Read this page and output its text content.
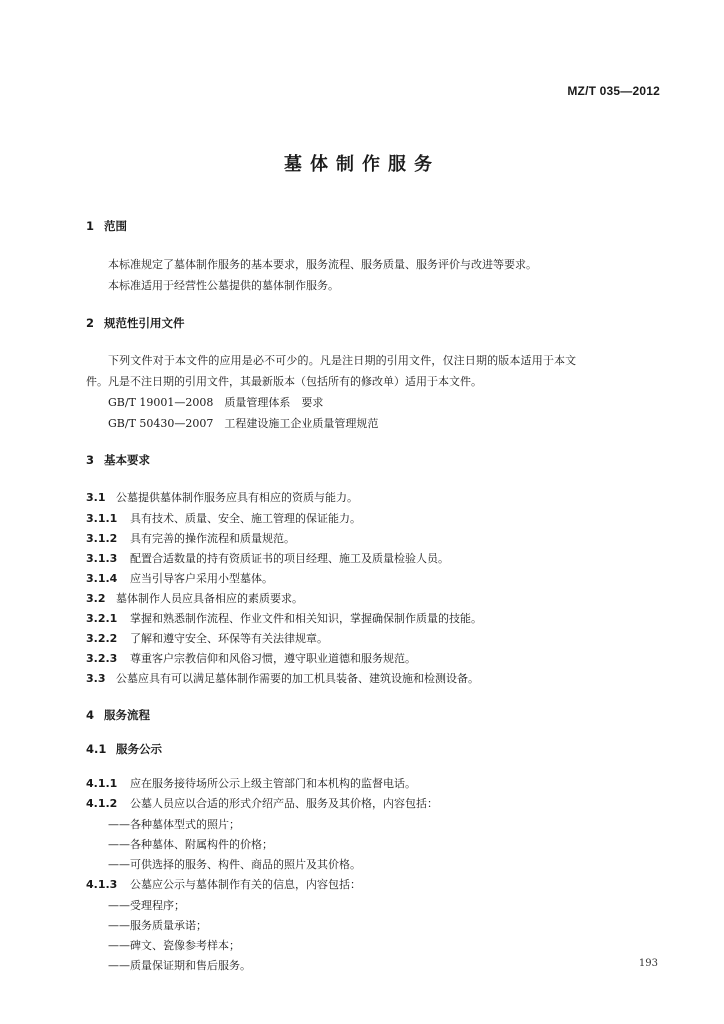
MZ/T 035—2012
墓体制作服务
1 范围
本标准规定了墓体制作服务的基本要求，服务流程、服务质量、服务评价与改进等要求。
本标准适用于经营性公墓提供的墓体制作服务。
2 规范性引用文件
下列文件对于本文件的应用是必不可少的。凡是注日期的引用文件，仅注日期的版本适用于本文
件。凡是不注日期的引用文件，其最新版本（包括所有的修改单）适用于本文件。
GB/T 19001—2008　质量管理体系　要求
GB/T 50430—2007　工程建设施工企业质量管理规范
3 基本要求
3.1 公墓提供墓体制作服务应具有相应的资质与能力。
3.1.1 具有技术、质量、安全、施工管理的保证能力。
3.1.2 具有完善的操作流程和质量规范。
3.1.3 配置合适数量的持有资质证书的项目经理、施工及质量检验人员。
3.1.4 应当引导客户采用小型墓体。
3.2 墓体制作人员应具备相应的素质要求。
3.2.1 掌握和熟悉制作流程、作业文件和相关知识，掌握确保制作质量的技能。
3.2.2 了解和遵守安全、环保等有关法律规章。
3.2.3 尊重客户宗教信仰和风俗习惯，遵守职业道德和服务规范。
3.3 公墓应具有可以满足墓体制作需要的加工机具装备、建筑设施和检测设备。
4 服务流程
4.1 服务公示
4.1.1 应在服务接待场所公示上级主管部门和本机构的监督电话。
4.1.2 公墓人员应以合适的形式介绍产品、服务及其价格，内容包括：
——各种墓体型式的照片；
——各种墓体、附属构件的价格；
——可供选择的服务、构件、商品的照片及其价格。
4.1.3 公墓应公示与墓体制作有关的信息，内容包括：
——受理程序；
——服务质量承诺；
——碑文、瓷像参考样本；
——质量保证期和售后服务。	193
